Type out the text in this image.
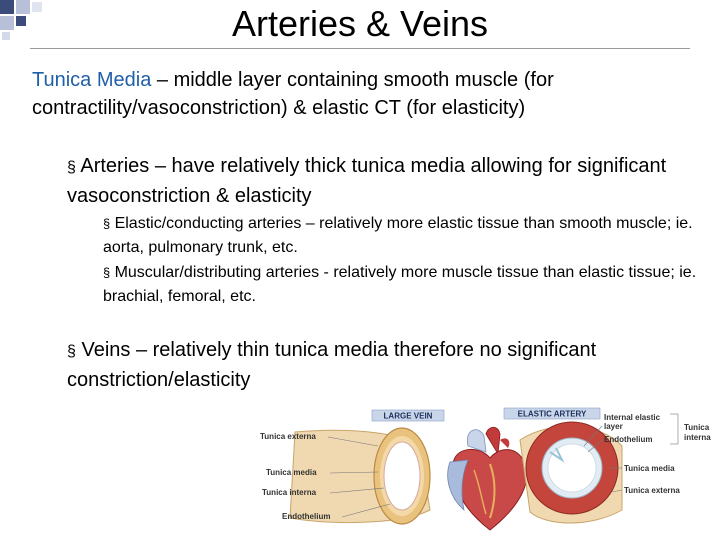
Arteries & Veins
Tunica Media – middle layer containing smooth muscle (for contractility/vasoconstriction) & elastic CT (for elasticity)
§ Arteries – have relatively thick tunica media allowing for significant vasoconstriction & elasticity
§ Elastic/conducting arteries – relatively more elastic tissue than smooth muscle; ie. aorta, pulmonary trunk, etc.
§ Muscular/distributing arteries - relatively more muscle tissue than elastic tissue; ie. brachial, femoral, etc.
§ Veins – relatively thin tunica media therefore no significant constriction/elasticity
LARGE VEIN
Tunica externa
Tunica media
Tunica interna
Endothelium
ELASTIC ARTERY Internal elastic
layer
Endothelium
Tunica
interna
Tunica media
Tunica externa
